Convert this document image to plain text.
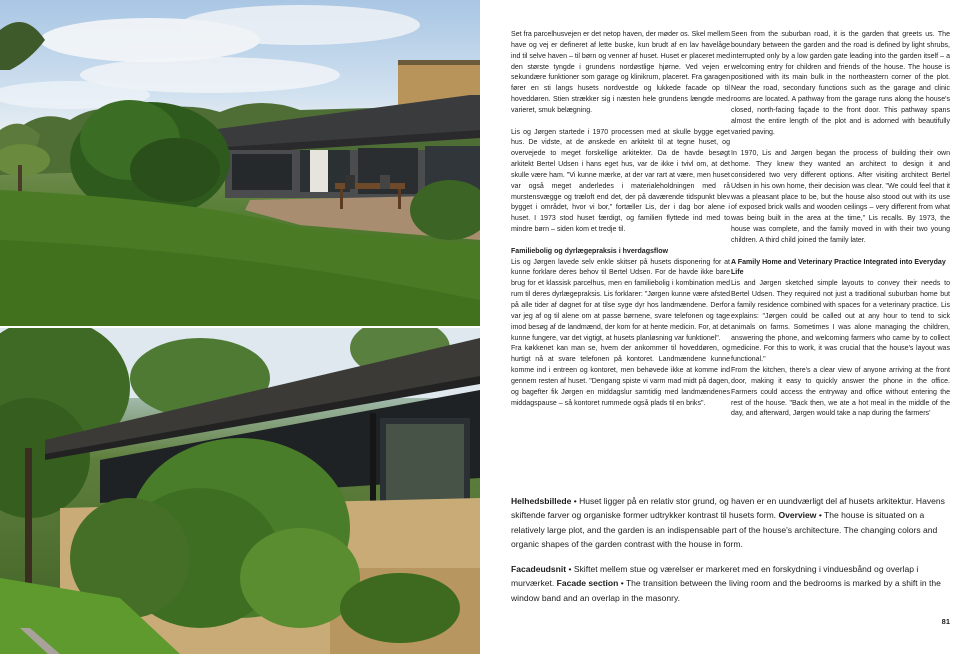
Set fra parcelhusvejen er det netop haven, der møder os. Skel mellem have og vej er defineret af lette buske, kun brudt af en lav havelåge ind til selve haven – til børn og venner af huset. Huset er placeret med den største tyngde i grundens nordøstlige hjørne. Ved vejen er sekundære funktioner som garage og klinikrum, placeret. Fra garagen fører en sti langs husets nordvestde og lukkede facade op til hoveddøren. Stien strækker sig i næsten hele grundens længde med varieret, smuk belægning.

Lis og Jørgen startede i 1970 processen med at skulle bygge eget hus. De vidste, at de ønskede en arkitekt til at tegne huset, og overvejede to meget forskellige arkitekter. Da de havde besøgt arkitekt Bertel Udsen i hans eget hus, var de ikke i tvivl om, at det skulle være ham. "Vi kunne mærke, at der var rart at være, men huset var også meget anderledes i materialeholdningen med rå murstensvægge og træloft end det, der på daværende tidspunkt blev bygget i området, hvor vi bor," fortæller Lis, der i dag bor alene i huset. I 1973 stod huset færdigt, og familien flyttede ind med to mindre børn – siden kom et tredje til.

Familiebolig og dyrlægepraksis i hverdagsflow

Lis og Jørgen lavede selv enkle skitser på husets disponering for at kunne forklare deres behov til Bertel Udsen. For de havde ikke bare brug for et klassisk parcelhus, men en familiebolig i kombination med rum til deres dyrlægepraksis. Lis forklarer: "Jørgen kunne være afsted på alle tider af døgnet for at tilse syge dyr hos landmændene. Derfor var jeg af og til alene om at passe børnene, svare telefonen og tage imod besøg af de landmænd, der kom for at hente medicin. For, at det kunne fungere, var det vigtigt, at husets planløsning var funktionel".

Fra køkkenet kan man se, hvem der ankommer til hoveddøren, og hurtigt nå at svare telefonen på kontoret. Landmændene kunne komme ind i entreen og kontoret, men behøvede ikke at komme ind gennem resten af huset. "Dengang spiste vi varm mad midt på dagen, og bagefter fik Jørgen en middagslur samtidig med landmændenes middagspause – så kontoret rummede også plads til en briks".

Seen from the suburban road, it is the garden that greets us. The boundary between the garden and the road is defined by light shrubs, interrupted only by a low garden gate leading into the garden itself – a welcoming entry for children and friends of the house. The house is positioned with its main bulk in the northeastern corner of the plot. Near the road, secondary functions such as the garage and clinic rooms are located. A pathway from the garage runs along the house's closed, north-facing façade to the front door. This pathway spans almost the entire length of the plot and is adorned with beautifully varied paving.

In 1970, Lis and Jørgen began the process of building their own home. They knew they wanted an architect to design it and considered two very different options. After visiting architect Bertel Udsen in his own home, their decision was clear. "We could feel that it was a pleasant place to be, but the house also stood out with its use of exposed brick walls and wooden ceilings – very different from what was being built in the area at the time," Lis recalls. By 1973, the house was complete, and the family moved in with their two young children. A third child joined the family later.

A Family Home and Veterinary Practice Integrated into Everyday Life

Lis and Jørgen sketched simple layouts to convey their needs to Bertel Udsen. They required not just a traditional suburban home but a family residence combined with spaces for a veterinary practice. Lis explains: "Jørgen could be called out at any hour to tend to sick animals on farms. Sometimes I was alone managing the children, answering the phone, and welcoming farmers who came by to collect medicine. For this to work, it was crucial that the house's layout was functional."

From the kitchen, there's a clear view of anyone arriving at the front door, making it easy to quickly answer the phone in the office. Farmers could access the entryway and office without entering the rest of the house. "Back then, we ate a hot meal in the middle of the day, and afterward, Jørgen would take a nap during the farmers'

Helhedsbillede • Huset ligger på en relativ stor grund, og haven er en uundværligt del af husets arkitektur. Havens skiftende farver og organiske former udtrykker kontrast til husets form. Overview • The house is situated on a relatively large plot, and the garden is an indispensable part of the house's architecture. The changing colors and organic shapes of the garden contrast with the house in form.

Facadeudsnit • Skiftet mellem stue og værelser er markeret med en forskydning i vinduesbånd og overlap i murværket. Facade section • The transition between the living room and the bedrooms is marked by a shift in the window band and an overlap in the masonry.

81
